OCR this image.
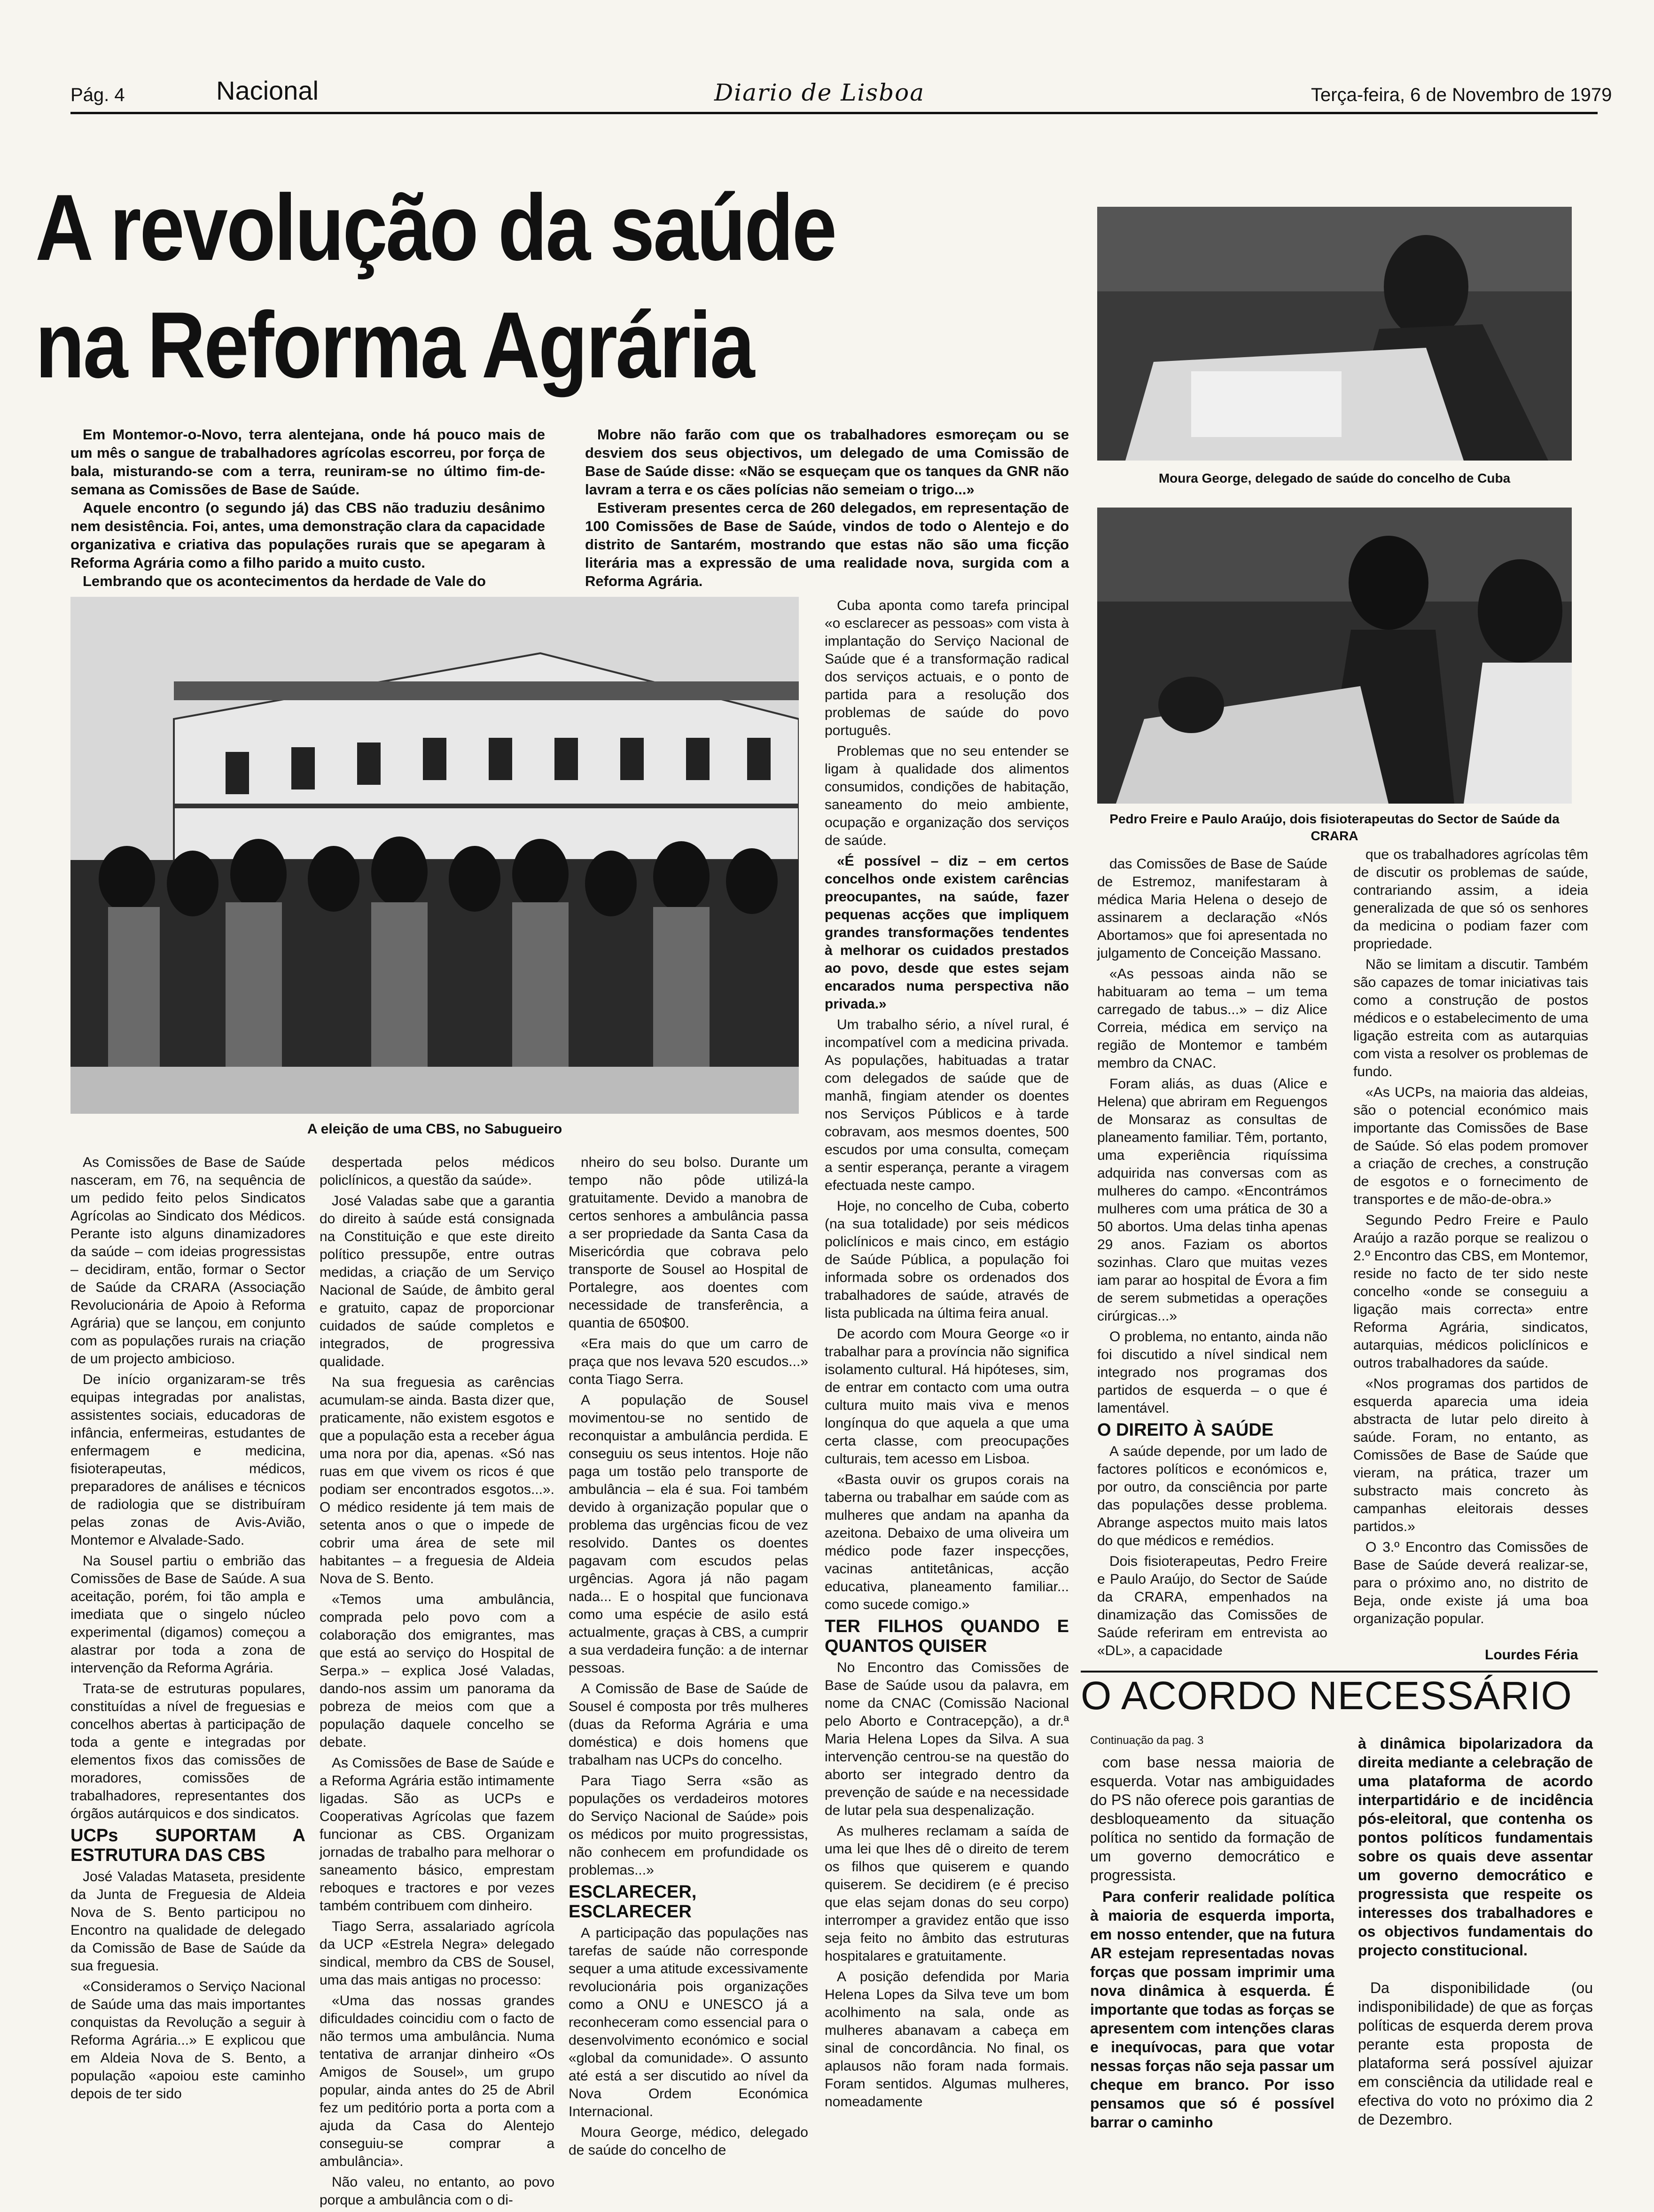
Pág. 4	Nacional	Diario de Lisboa	Terça-feira, 6 de Novembro de 1979
A revolução da saúde
na Reforma Agrária

Em Montemor-o-Novo, terra alentejana, onde há pouco mais de um mês o sangue de trabalhadores agrícolas escorreu, por força de bala, misturando-se com a terra, reuniram-se no último fim-de-semana as Comissões de Base de Saúde.

Aquele encontro (o segundo já) das CBS não traduziu desânimo nem desistência. Foi, antes, uma demonstração clara da capacidade organizativa e criativa das populações rurais que se apegaram à Reforma Agrária como a filho parido a muito custo.

Lembrando que os acontecimentos da herdade de Vale do

Mobre não farão com que os trabalhadores esmoreçam ou se desviem dos seus objectivos, um delegado de uma Comissão de Base de Saúde disse: «Não se esqueçam que os tanques da GNR não lavram a terra e os cães polícias não semeiam o trigo...»

Estiveram presentes cerca de 260 delegados, em representação de 100 Comissões de Base de Saúde, vindos de todo o Alentejo e do distrito de Santarém, mostrando que estas não são uma ficção literária mas a expressão de uma realidade nova, surgida com a Reforma Agrária.

A eleição de uma CBS, no Sabugueiro
Moura George, delegado de saúde do concelho de Cuba
Pedro Freire e Paulo Araújo, dois fisioterapeutas do Sector de Saúde da CRARA

Cuba aponta como tarefa principal «o esclarecer as pessoas» com vista à implantação do Serviço Nacional de Saúde que é a transformação radical dos serviços actuais, e o ponto de partida para a resolução dos problemas de saúde do povo português.

Problemas que no seu entender se ligam à qualidade dos alimentos consumidos, condições de habitação, saneamento do meio ambiente, ocupação e organização dos serviços de saúde.

«É possível – diz – em certos concelhos onde existem carências preocupantes, na saúde, fazer pequenas acções que impliquem grandes transformações tendentes à melhorar os cuidados prestados ao povo, desde que estes sejam encarados numa perspectiva não privada.»

Um trabalho sério, a nível rural, é incompatível com a medicina privada. As populações, habituadas a tratar com delegados de saúde que de manhã, fingiam atender os doentes nos Serviços Públicos e à tarde cobravam, aos mesmos doentes, 500 escudos por uma consulta, começam a sentir esperança, perante a viragem efectuada neste campo.

Hoje, no concelho de Cuba, coberto (na sua totalidade) por seis médicos policlínicos e mais cinco, em estágio de Saúde Pública, a população foi informada sobre os ordenados dos trabalhadores de saúde, através de lista publicada na última feira anual.

De acordo com Moura George «o ir trabalhar para a província não significa isolamento cultural. Há hipóteses, sim, de entrar em contacto com uma outra cultura muito mais viva e menos longínqua do que aquela a que uma certa classe, com preocupações culturais, tem acesso em Lisboa.

«Basta ouvir os grupos corais na taberna ou trabalhar em saúde com as mulheres que andam na apanha da azeitona. Debaixo de uma oliveira um médico pode fazer inspecções, vacinas antitetânicas, acção educativa, planeamento familiar... como sucede comigo.»

TER FILHOS QUANDO E QUANTOS QUISER

No Encontro das Comissões de Base de Saúde usou da palavra, em nome da CNAC (Comissão Nacional pelo Aborto e Contracepção), a dr.ª Maria Helena Lopes da Silva. A sua intervenção centrou-se na questão do aborto ser integrado dentro da prevenção de saúde e na necessidade de lutar pela sua despenalização.

As mulheres reclamam a saída de uma lei que lhes dê o direito de terem os filhos que quiserem e quando quiserem. Se decidirem (e é preciso que elas sejam donas do seu corpo) interromper a gravidez então que isso seja feito no âmbito das estruturas hospitalares e gratuitamente.

A posição defendida por Maria Helena Lopes da Silva teve um bom acolhimento na sala, onde as mulheres abanavam a cabeça em sinal de concordância. No final, os aplausos não foram nada formais. Foram sentidos. Algumas mulheres, nomeadamente

As Comissões de Base de Saúde nasceram, em 76, na sequência de um pedido feito pelos Sindicatos Agrícolas ao Sindicato dos Médicos. Perante isto alguns dinamizadores da saúde – com ideias progressistas – decidiram, então, formar o Sector de Saúde da CRARA (Associação Revolucionária de Apoio à Reforma Agrária) que se lançou, em conjunto com as populações rurais na criação de um projecto ambicioso.

De início organizaram-se três equipas integradas por analistas, assistentes sociais, educadoras de infância, enfermeiras, estudantes de enfermagem e medicina, fisioterapeutas, médicos, preparadores de análises e técnicos de radiologia que se distribuíram pelas zonas de Avis-Avião, Montemor e Alvalade-Sado.

Na Sousel partiu o embrião das Comissões de Base de Saúde. A sua aceitação, porém, foi tão ampla e imediata que o singelo núcleo experimental (digamos) começou a alastrar por toda a zona de intervenção da Reforma Agrária.

Trata-se de estruturas populares, constituídas a nível de freguesias e concelhos abertas à participação de toda a gente e integradas por elementos fixos das comissões de moradores, comissões de trabalhadores, representantes dos órgãos autárquicos e dos sindicatos.

UCPs SUPORTAM A ESTRUTURA DAS CBS

José Valadas Mataseta, presidente da Junta de Freguesia de Aldeia Nova de S. Bento participou no Encontro na qualidade de delegado da Comissão de Base de Saúde da sua freguesia.

«Consideramos o Serviço Nacional de Saúde uma das mais importantes conquistas da Revolução a seguir à Reforma Agrária...» E explicou que em Aldeia Nova de S. Bento, a população «apoiou este caminho depois de ter sido

despertada pelos médicos policlínicos, a questão da saúde».

José Valadas sabe que a garantia do direito à saúde está consignada na Constituição e que este direito político pressupõe, entre outras medidas, a criação de um Serviço Nacional de Saúde, de âmbito geral e gratuito, capaz de proporcionar cuidados de saúde completos e integrados, de progressiva qualidade.

Na sua freguesia as carências acumulam-se ainda. Basta dizer que, praticamente, não existem esgotos e que a população esta a receber água uma nora por dia, apenas. «Só nas ruas em que vivem os ricos é que podiam ser encontrados esgotos...». O médico residente já tem mais de setenta anos o que o impede de cobrir uma área de sete mil habitantes – a freguesia de Aldeia Nova de S. Bento.

«Temos uma ambulância, comprada pelo povo com a colaboração dos emigrantes, mas que está ao serviço do Hospital de Serpa.» – explica José Valadas, dando-nos assim um panorama da pobreza de meios com que a população daquele concelho se debate.

As Comissões de Base de Saúde e a Reforma Agrária estão intimamente ligadas. São as UCPs e Cooperativas Agrícolas que fazem funcionar as CBS. Organizam jornadas de trabalho para melhorar o saneamento básico, emprestam reboques e tractores e por vezes também contribuem com dinheiro.

Tiago Serra, assalariado agrícola da UCP «Estrela Negra» delegado sindical, membro da CBS de Sousel, uma das mais antigas no processo:

«Uma das nossas grandes dificuldades coincidiu com o facto de não termos uma ambulância. Numa tentativa de arranjar dinheiro «Os Amigos de Sousel», um grupo popular, ainda antes do 25 de Abril fez um peditório porta a porta com a ajuda da Casa do Alentejo conseguiu-se comprar a ambulância».

Não valeu, no entanto, ao povo porque a ambulância com o di-

nheiro do seu bolso. Durante um tempo não pôde utilizá-la gratuitamente. Devido a manobra de certos senhores a ambulância passa a ser propriedade da Santa Casa da Misericórdia que cobrava pelo transporte de Sousel ao Hospital de Portalegre, aos doentes com necessidade de transferência, a quantia de 650$00.

«Era mais do que um carro de praça que nos levava 520 escudos...» conta Tiago Serra.

A população de Sousel movimentou-se no sentido de reconquistar a ambulância perdida. E conseguiu os seus intentos. Hoje não paga um tostão pelo transporte de ambulância – ela é sua. Foi também devido à organização popular que o problema das urgências ficou de vez resolvido. Dantes os doentes pagavam com escudos pelas urgências. Agora já não pagam nada... E o hospital que funcionava como uma espécie de asilo está actualmente, graças à CBS, a cumprir a sua verdadeira função: a de internar pessoas.

A Comissão de Base de Saúde de Sousel é composta por três mulheres (duas da Reforma Agrária e uma doméstica) e dois homens que trabalham nas UCPs do concelho.

Para Tiago Serra «são as populações os verdadeiros motores do Serviço Nacional de Saúde» pois os médicos por muito progressistas, não conhecem em profundidade os problemas...»

ESCLARECER, ESCLARECER

A participação das populações nas tarefas de saúde não corresponde sequer a uma atitude excessivamente revolucionária pois organizações como a ONU e UNESCO já a reconheceram como essencial para o desenvolvimento económico e social «global da comunidade». O assunto até está a ser discutido ao nível da Nova Ordem Económica Internacional.

Moura George, médico, delegado de saúde do concelho de

das Comissões de Base de Saúde de Estremoz, manifestaram à médica Maria Helena o desejo de assinarem a declaração «Nós Abortamos» que foi apresentada no julgamento de Conceição Massano.

«As pessoas ainda não se habituaram ao tema – um tema carregado de tabus...» – diz Alice Correia, médica em serviço na região de Montemor e também membro da CNAC.

Foram aliás, as duas (Alice e Helena) que abriram em Reguengos de Monsaraz as consultas de planeamento familiar. Têm, portanto, uma experiência riquíssima adquirida nas conversas com as mulheres do campo. «Encontrámos mulheres com uma prática de 30 a 50 abortos. Uma delas tinha apenas 29 anos. Faziam os abortos sozinhas. Claro que muitas vezes iam parar ao hospital de Évora a fim de serem submetidas a operações cirúrgicas...»

O problema, no entanto, ainda não foi discutido a nível sindical nem integrado nos programas dos partidos de esquerda – o que é lamentável.

O DIREITO À SAÚDE

A saúde depende, por um lado de factores políticos e económicos e, por outro, da consciência por parte das populações desse problema. Abrange aspectos muito mais latos do que médicos e remédios.

Dois fisioterapeutas, Pedro Freire e Paulo Araújo, do Sector de Saúde da CRARA, empenhados na dinamização das Comissões de Saúde referiram em entrevista ao «DL», a capacidade

que os trabalhadores agrícolas têm de discutir os problemas de saúde, contrariando assim, a ideia generalizada de que só os senhores da medicina o podiam fazer com propriedade.

Não se limitam a discutir. Também são capazes de tomar iniciativas tais como a construção de postos médicos e o estabelecimento de uma ligação estreita com as autarquias com vista a resolver os problemas de fundo.

«As UCPs, na maioria das aldeias, são o potencial económico mais importante das Comissões de Base de Saúde. Só elas podem promover a criação de creches, a construção de esgotos e o fornecimento de transportes e de mão-de-obra.»

Segundo Pedro Freire e Paulo Araújo a razão porque se realizou o 2.º Encontro das CBS, em Montemor, reside no facto de ter sido neste concelho «onde se conseguiu a ligação mais correcta» entre Reforma Agrária, sindicatos, autarquias, médicos policlínicos e outros trabalhadores da saúde.

«Nos programas dos partidos de esquerda aparecia uma ideia abstracta de lutar pelo direito à saúde. Foram, no entanto, as Comissões de Base de Saúde que vieram, na prática, trazer um substracto mais concreto às campanhas eleitorais desses partidos.»

O 3.º Encontro das Comissões de Base de Saúde deverá realizar-se, para o próximo ano, no distrito de Beja, onde existe já uma boa organização popular.

Lourdes Féria
O ACORDO NECESSÁRIO
Continuação da pag. 3

com base nessa maioria de esquerda. Votar nas ambiguidades do PS não oferece pois garantias de desbloqueamento da situação política no sentido da formação de um governo democrático e progressista.

Para conferir realidade política à maioria de esquerda importa, em nosso entender, que na futura AR estejam representadas novas forças que possam imprimir uma nova dinâmica à esquerda. É importante que todas as forças se apresentem com intenções claras e inequívocas, para que votar nessas forças não seja passar um cheque em branco. Por isso pensamos que só é possível barrar o caminho

à dinâmica bipolarizadora da direita mediante a celebração de uma plataforma de acordo interpartidário e de incidência pós-eleitoral, que contenha os pontos políticos fundamentais sobre os quais deve assentar um governo democrático e progressista que respeite os interesses dos trabalhadores e os objectivos fundamentais do projecto constitucional.

Da disponibilidade (ou indisponibilidade) de que as forças políticas de esquerda derem prova perante esta proposta de plataforma será possível ajuizar em consciência da utilidade real e efectiva do voto no próximo dia 2 de Dezembro.
